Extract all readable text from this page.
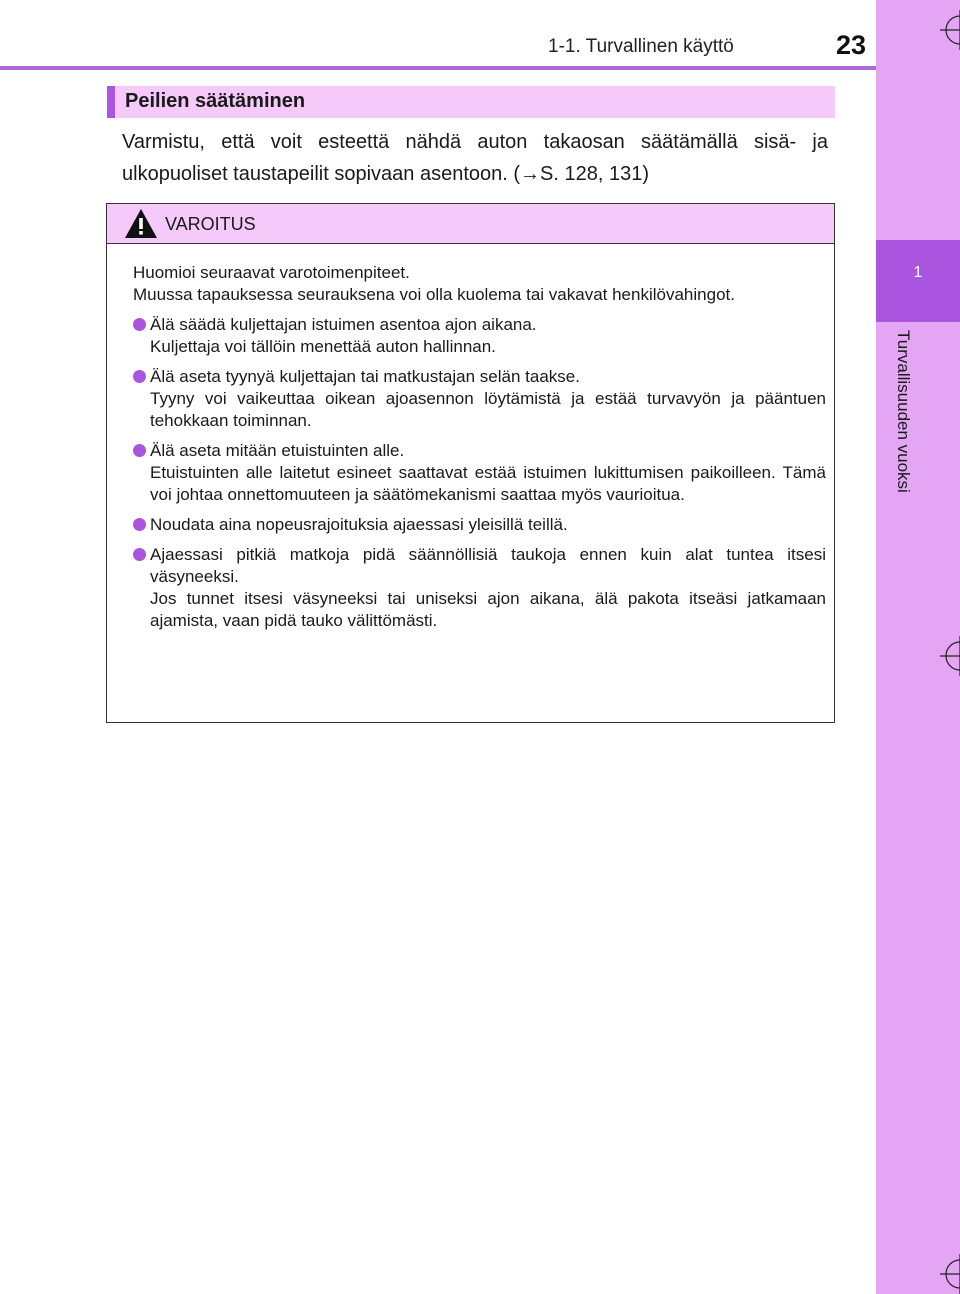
1-1. Turvallinen käyttö	23
1
Turvallisuuden vuoksi
Peilien säätäminen
Varmistu, että voit esteettä nähdä auton takaosan säätämällä sisä- ja ulkopuoliset taustapeilit sopivaan asentoon. (→S. 128, 131)
VAROITUS

Huomioi seuraavat varotoimenpiteet.

Muussa tapauksessa seurauksena voi olla kuolema tai vakavat henkilövahingot.

Älä säädä kuljettajan istuimen asentoa ajon aikana.

Kuljettaja voi tällöin menettää auton hallinnan.

Älä aseta tyynyä kuljettajan tai matkustajan selän taakse.

Tyyny voi vaikeuttaa oikean ajoasennon löytämistä ja estää turvavyön ja pääntuen tehokkaan toiminnan.

Älä aseta mitään etuistuinten alle.

Etuistuinten alle laitetut esineet saattavat estää istuimen lukittumisen paikoilleen. Tämä voi johtaa onnettomuuteen ja säätömekanismi saattaa myös vaurioitua.

Noudata aina nopeusrajoituksia ajaessasi yleisillä teillä.

Ajaessasi pitkiä matkoja pidä säännöllisiä taukoja ennen kuin alat tuntea itsesi väsyneeksi.

Jos tunnet itsesi väsyneeksi tai uniseksi ajon aikana, älä pakota itseäsi jatkamaan ajamista, vaan pidä tauko välittömästi.
